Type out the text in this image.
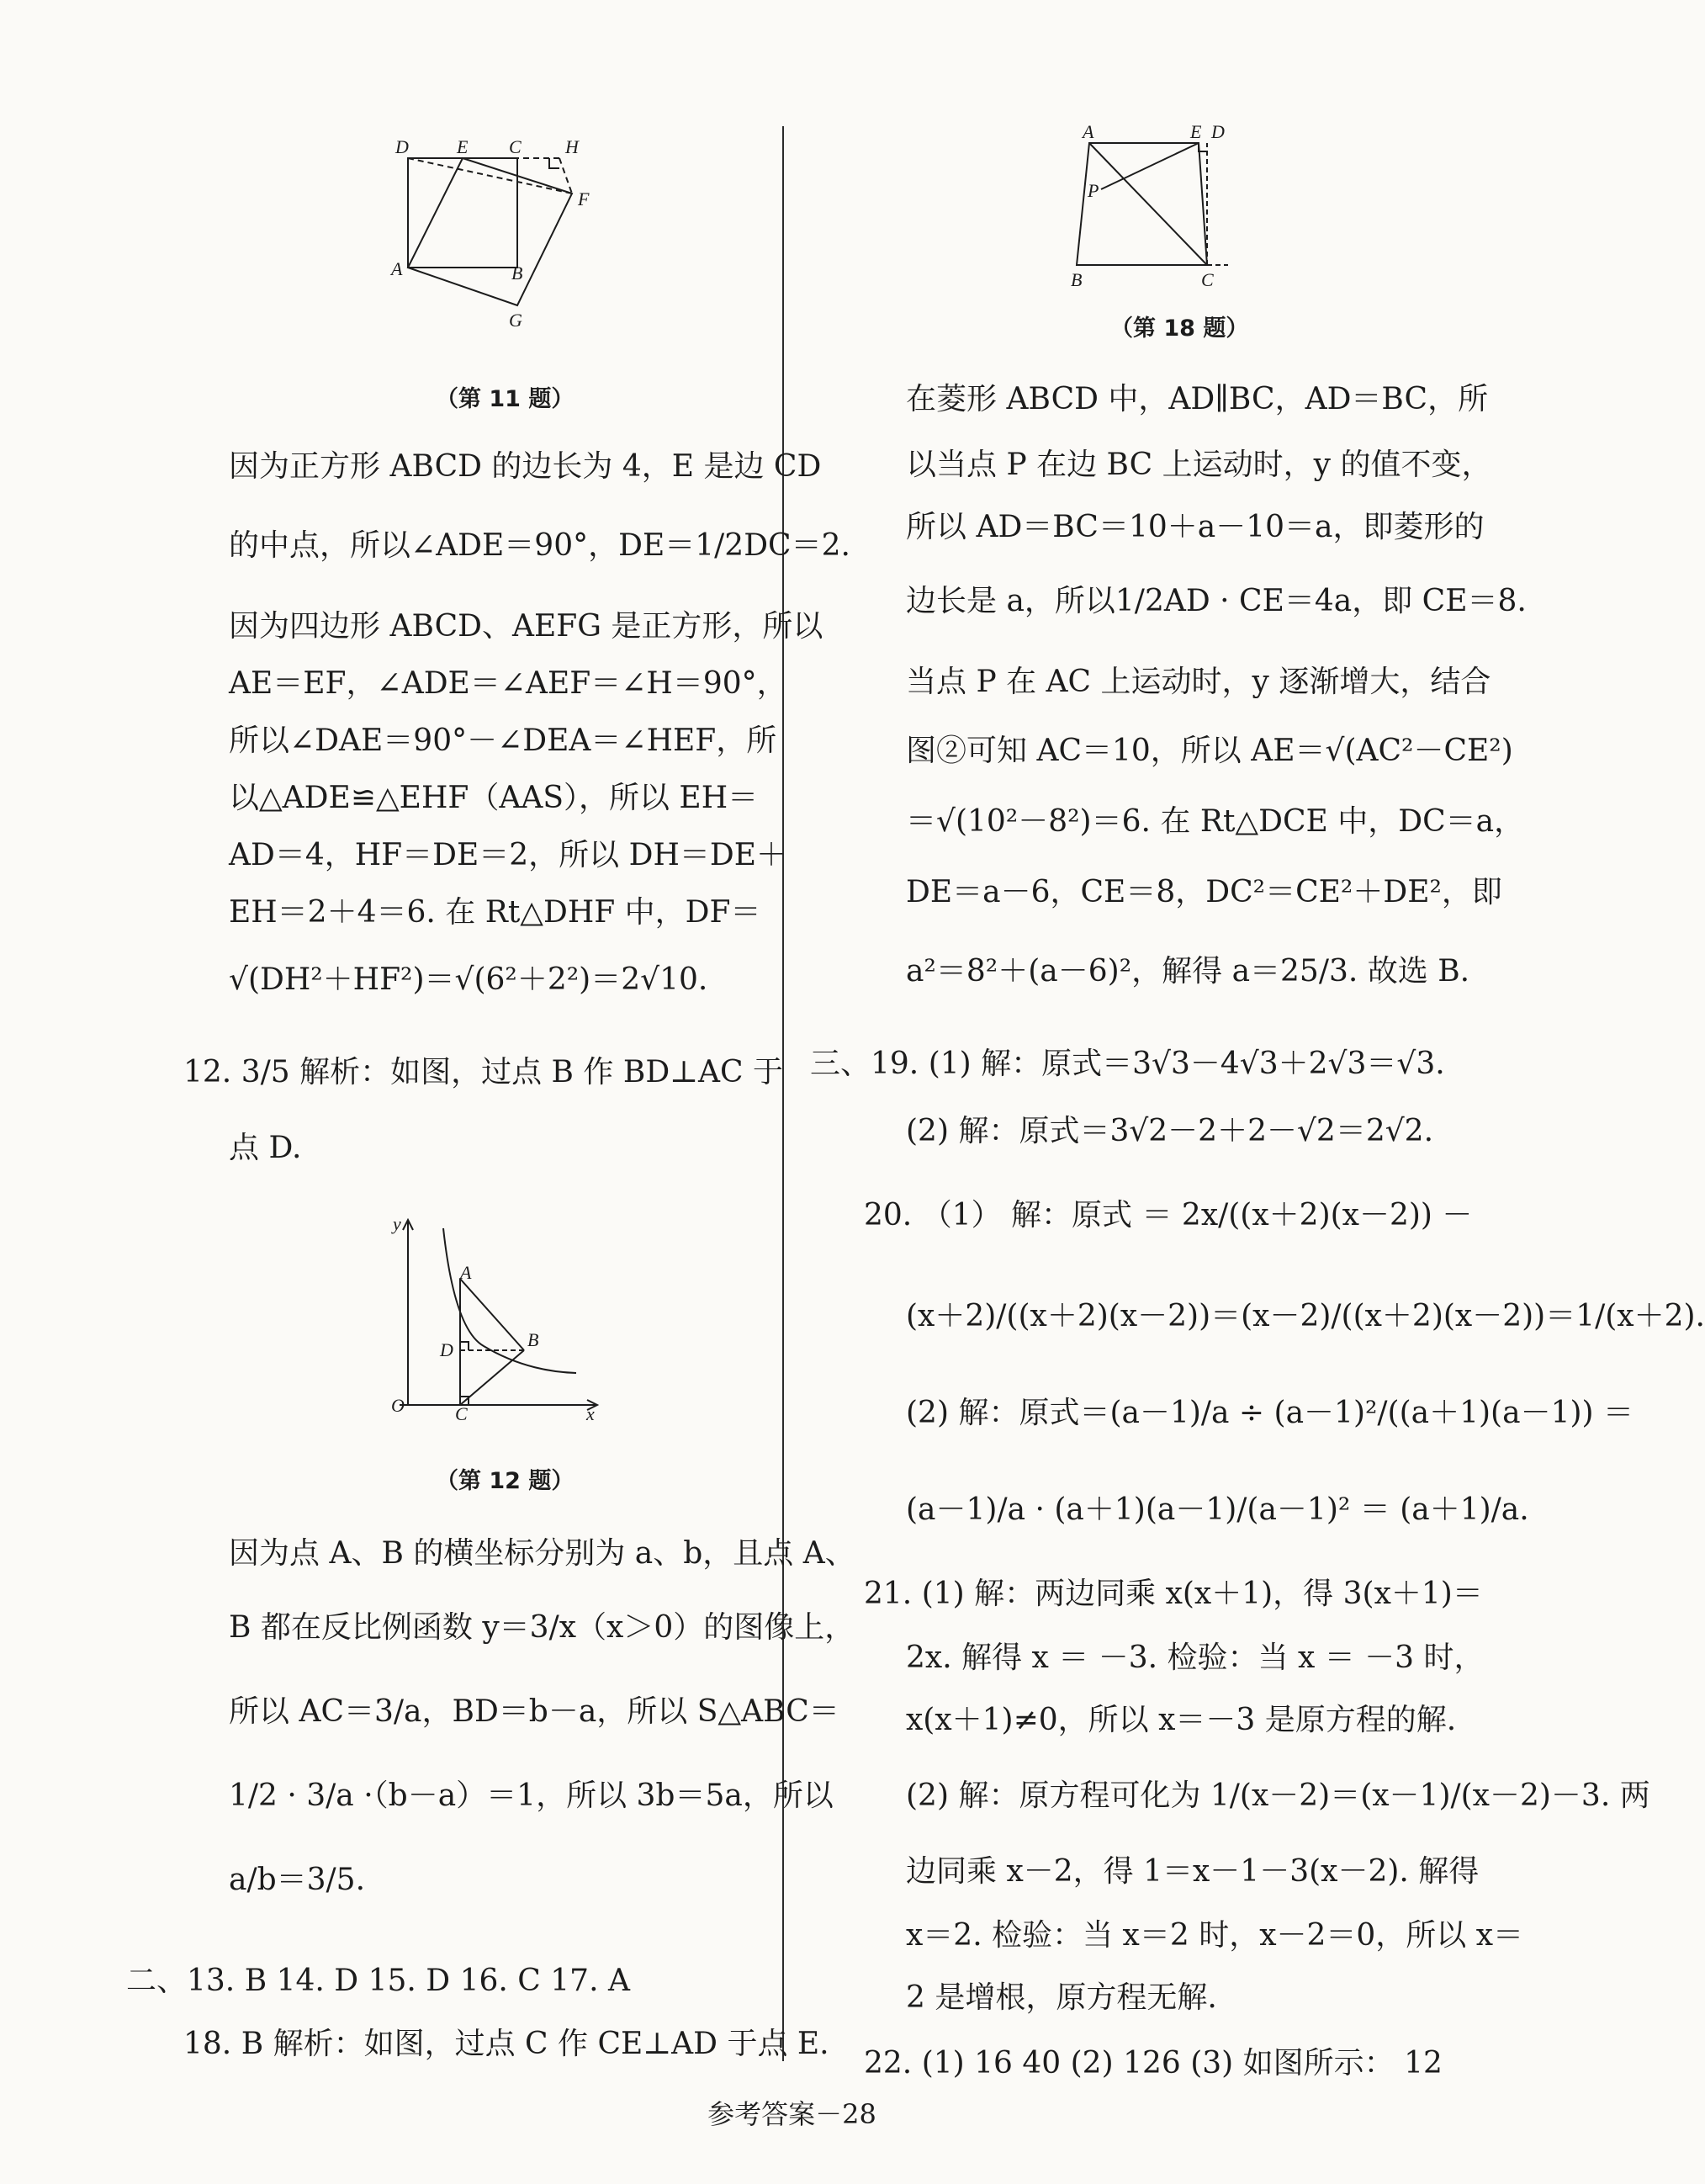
D	E C H
F
A	B
G
（第 11 题）
因为正方形 ABCD 的边长为 4，E 是边 CD
的中点，所以∠ADE＝90°，DE＝1/2DC＝2.
因为四边形 ABCD、AEFG 是正方形，所以
AE＝EF，∠ADE＝∠AEF＝∠H＝90°，
所以∠DAE＝90°－∠DEA＝∠HEF，所
以△ADE≌△EHF（AAS），所以 EH＝
AD＝4，HF＝DE＝2，所以 DH＝DE＋
EH＝2＋4＝6. 在 Rt△DHF 中，DF＝
√(DH²＋HF²)＝√(6²＋2²)＝2√10.
12. 3/5 解析：如图，过点 B 作 BD⊥AC 于
点 D.
y
A
B
D
O	C	x
（第 12 题）
因为点 A、B 的横坐标分别为 a、b，且点 A、
B 都在反比例函数 y＝3/x（x＞0）的图像上，
所以 AC＝3/a，BD＝b－a，所以 S△ABC＝
1/2 · 3/a ·（b－a）＝1，所以 3b＝5a，所以
a/b＝3/5.
二、13. B 14. D 15. D 16. C 17. A
18. B 解析：如图，过点 C 作 CE⊥AD 于点 E.
A	E D
P
B	C
（第 18 题）
在菱形 ABCD 中，AD∥BC，AD＝BC，所
以当点 P 在边 BC 上运动时，y 的值不变，
所以 AD＝BC＝10＋a－10＝a，即菱形的
边长是 a，所以1/2AD · CE＝4a，即 CE＝8.
当点 P 在 AC 上运动时，y 逐渐增大，结合
图②可知 AC＝10，所以 AE＝√(AC²－CE²)
＝√(10²－8²)＝6. 在 Rt△DCE 中，DC＝a，
DE＝a－6，CE＝8，DC²＝CE²＋DE²，即
a²＝8²＋(a－6)²，解得 a＝25/3. 故选 B.
三、19. (1) 解：原式＝3√3－4√3＋2√3＝√3.
(2) 解：原式＝3√2－2＋2－√2＝2√2.
20. （1） 解：原式 ＝ 2x/((x＋2)(x－2)) －
(x＋2)/((x＋2)(x－2))＝(x－2)/((x＋2)(x－2))＝1/(x＋2).
(2) 解：原式＝(a－1)/a ÷ (a－1)²/((a＋1)(a－1)) ＝
(a－1)/a · (a＋1)(a－1)/(a－1)² ＝ (a＋1)/a.
21. (1) 解：两边同乘 x(x＋1)，得 3(x＋1)＝
2x. 解得 x ＝ －3. 检验：当 x ＝ －3 时，
x(x＋1)≠0，所以 x＝－3 是原方程的解.
(2) 解：原方程可化为 1/(x－2)＝(x－1)/(x－2)－3. 两
边同乘 x－2，得 1＝x－1－3(x－2). 解得
x＝2. 检验：当 x＝2 时，x－2＝0，所以 x＝
2 是增根，原方程无解.
22. (1) 16 40 (2) 126 (3) 如图所示： 12
参考答案－28
